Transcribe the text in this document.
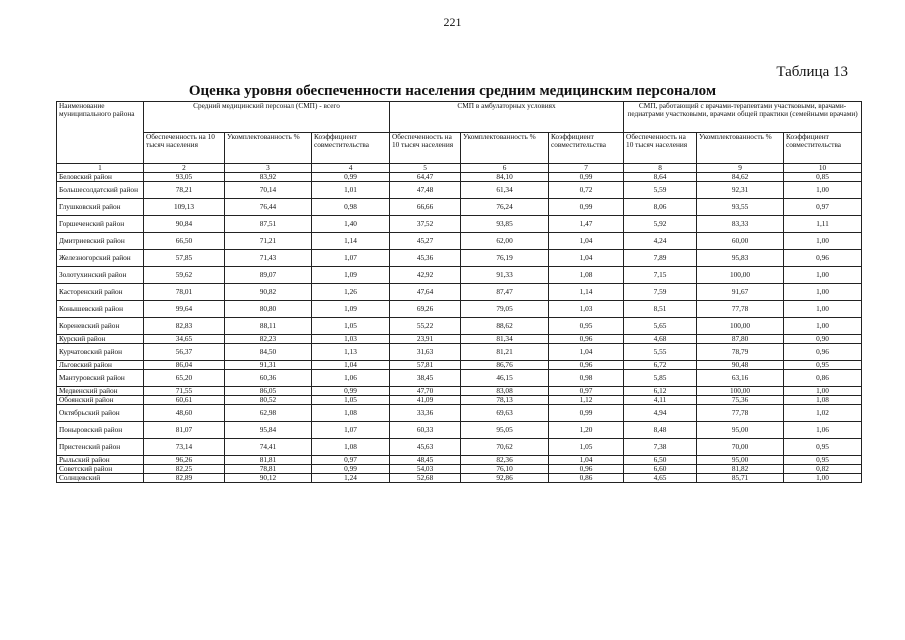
221
Таблица 13
Оценка уровня обеспеченности населения средним медицинским персоналом
Наименование муниципального района	Средний медицинский персонал (СМП) - всего			СМП в амбулаторных условиях			СМП, работающий с врачами-терапевтами участковыми, врачами-педиатрами участковыми, врачами общей практики (семейными врачами)		
	Обеспеченность на 10 тысяч населения	Укомплектованность %	Коэффициент совместительства	Обеспеченность на 10 тысяч населения	Укомплектованность %	Коэффициент совместительства	Обеспеченность на 10 тысяч населения	Укомплектованность %	Коэффициент совместительства
1	2	3	4	5	6	7	8	9	10
Беловский район	93,05	83,92	0,99	64,47	84,10	0,99	8,64	84,62	0,85
Большесолдатский район	78,21	70,14	1,01	47,48	61,34	0,72	5,59	92,31	1,00
Глушковский район	109,13	76,44	0,98	66,66	76,24	0,99	8,06	93,55	0,97
Горшеченский район	90,84	87,51	1,40	37,52	93,85	1,47	5,92	83,33	1,11
Дмитриевский район	66,50	71,21	1,14	45,27	62,00	1,04	4,24	60,00	1,00
Железногорский район	57,85	71,43	1,07	45,36	76,19	1,04	7,89	95,83	0,96
Золотухинский район	59,62	89,07	1,09	42,92	91,33	1,08	7,15	100,00	1,00
Касторенский район	78,01	90,82	1,26	47,64	87,47	1,14	7,59	91,67	1,00
Конышевский район	99,64	80,80	1,09	69,26	79,05	1,03	8,51	77,78	1,00
Кореневский район	82,83	88,11	1,05	55,22	88,62	0,95	5,65	100,00	1,00
Курский район	34,65	82,23	1,03	23,91	81,34	0,96	4,68	87,80	0,90
Курчатовский район	56,37	84,50	1,13	31,63	81,21	1,04	5,55	78,79	0,96
Льговский район	86,04	91,31	1,04	57,81	86,76	0,96	6,72	90,48	0,95
Мантуровский район	65,20	60,36	1,06	38,45	46,15	0,98	5,85	63,16	0,86
Медвенский район	71,55	86,05	0,99	47,70	83,08	0,97	6,12	100,00	1,00
Обоянский район	60,61	80,52	1,05	41,09	78,13	1,12	4,11	75,36	1,08
Октябрьский район	48,60	62,98	1,08	33,36	69,63	0,99	4,94	77,78	1,02
Поныровский район	81,07	95,84	1,07	60,33	95,05	1,20	8,48	95,00	1,06
Пристенский район	73,14	74,41	1,08	45,63	70,62	1,05	7,38	70,00	0,95
Рыльский район	96,26	81,81	0,97	48,45	82,36	1,04	6,50	95,00	0,95
Советский район	82,25	78,81	0,99	54,03	76,10	0,96	6,60	81,82	0,82
Солнцевский	82,89	90,12	1,24	52,68	92,86	0,86	4,65	85,71	1,00
